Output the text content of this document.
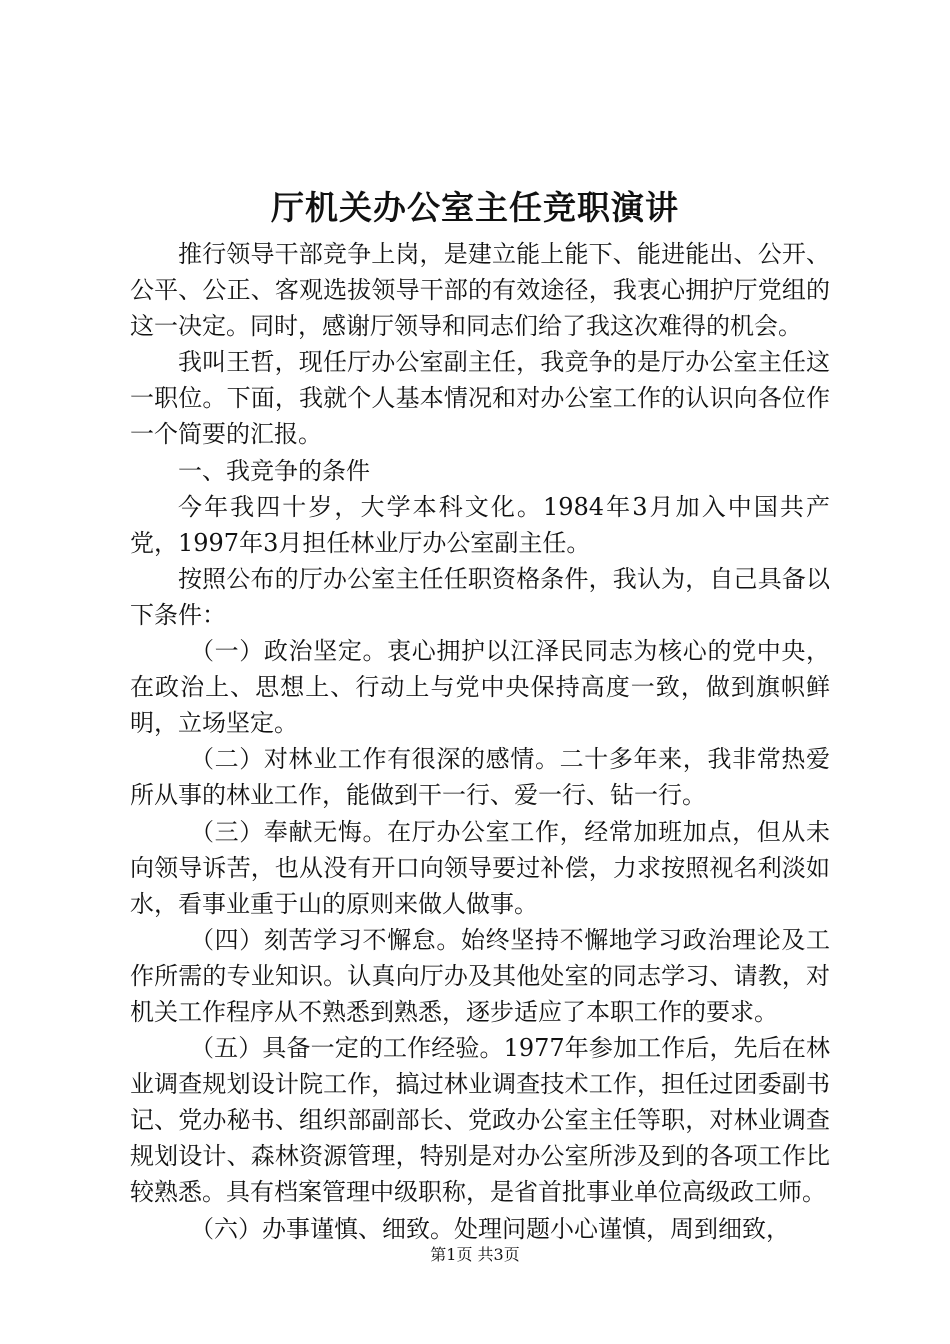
厅机关办公室主任竞职演讲

推行领导干部竞争上岗，是建立能上能下、能进能出、公开、公平、公正、客观选拔领导干部的有效途径，我衷心拥护厅党组的这一决定。同时，感谢厅领导和同志们给了我这次难得的机会。

我叫王哲，现任厅办公室副主任，我竞争的是厅办公室主任这一职位。下面，我就个人基本情况和对办公室工作的认识向各位作一个简要的汇报。

一、我竞争的条件

今年我四十岁，大学本科文化。1984年3月加入中国共产党，1997年3月担任林业厅办公室副主任。

按照公布的厅办公室主任任职资格条件，我认为，自己具备以下条件：

（一）政治坚定。衷心拥护以江泽民同志为核心的党中央，在政治上、思想上、行动上与党中央保持高度一致，做到旗帜鲜明，立场坚定。

（二）对林业工作有很深的感情。二十多年来，我非常热爱所从事的林业工作，能做到干一行、爱一行、钻一行。

（三）奉献无悔。在厅办公室工作，经常加班加点，但从未向领导诉苦，也从没有开口向领导要过补偿，力求按照视名利淡如水，看事业重于山的原则来做人做事。

（四）刻苦学习不懈怠。始终坚持不懈地学习政治理论及工作所需的专业知识。认真向厅办及其他处室的同志学习、请教，对机关工作程序从不熟悉到熟悉，逐步适应了本职工作的要求。

（五）具备一定的工作经验。1977年参加工作后，先后在林业调查规划设计院工作，搞过林业调查技术工作，担任过团委副书记、党办秘书、组织部副部长、党政办公室主任等职，对林业调查规划设计、森林资源管理，特别是对办公室所涉及到的各项工作比较熟悉。具有档案管理中级职称，是省首批事业单位高级政工师。

（六）办事谨慎、细致。处理问题小心谨慎，周到细致，

第1页 共3页
